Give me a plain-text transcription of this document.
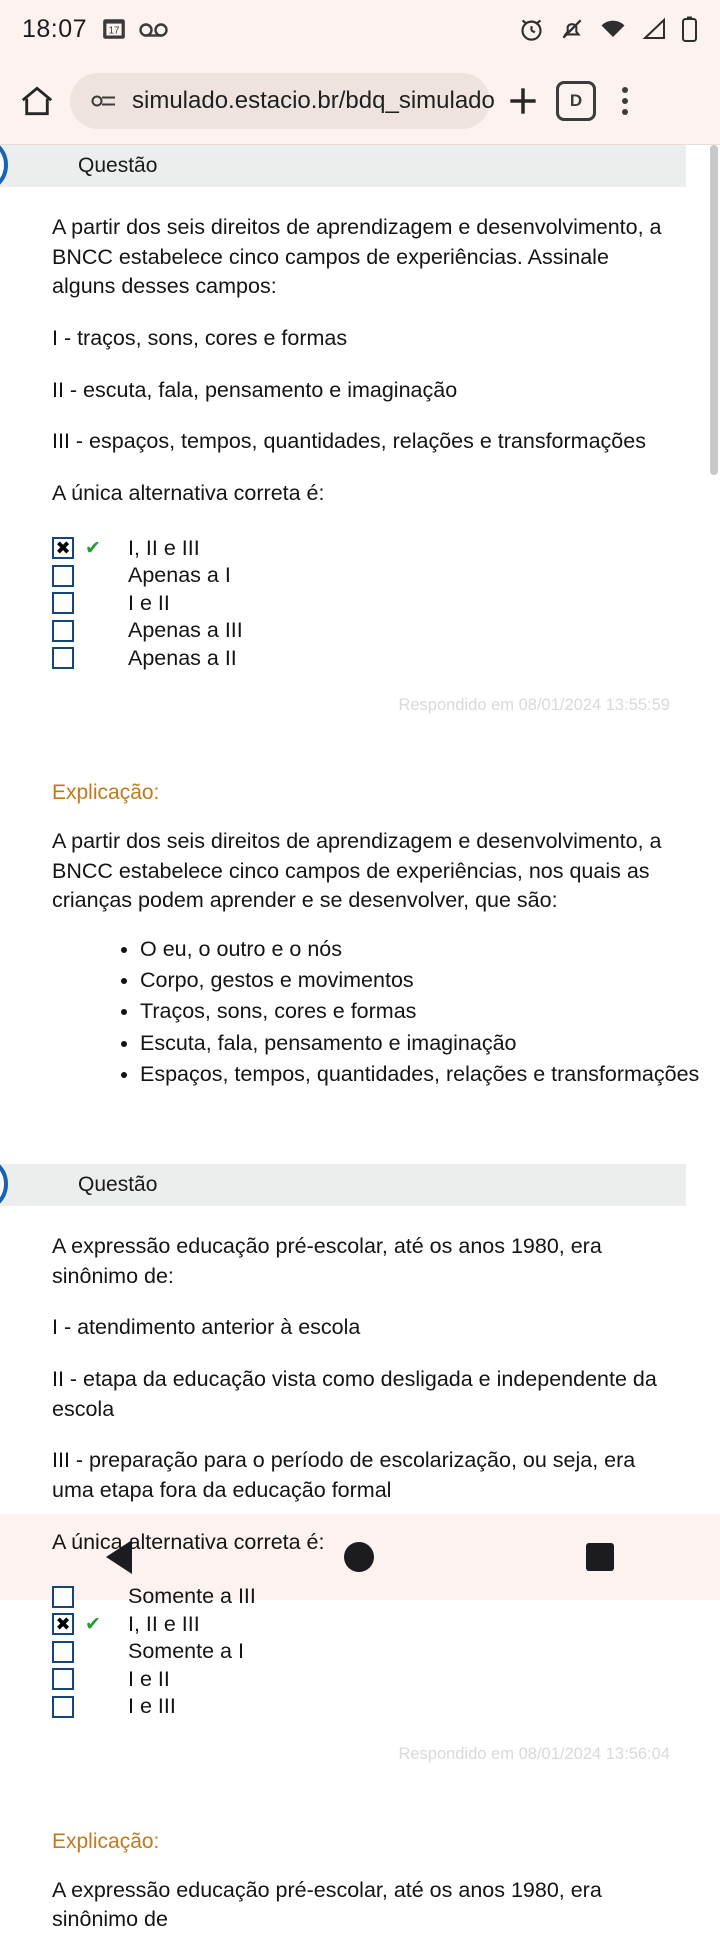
18:07 17
simulado.estacio.br/bdq_simulado	D
Questão

A partir dos seis direitos de aprendizagem e desenvolvimento, a BNCC estabelece cinco campos de experiências. Assinale alguns desses campos:

I - traços, sons, cores e formas

II - escuta, fala, pensamento e imaginação

III - espaços, tempos, quantidades, relações e transformações

A única alternativa correta é:

✖ ✔ I, II e III
Apenas a I
I e II
Apenas a III
Apenas a II
Respondido em 08/01/2024 13:55:59
Explicação:

A partir dos seis direitos de aprendizagem e desenvolvimento, a BNCC estabelece cinco campos de experiências, nos quais as crianças podem aprender e se desenvolver, que são:

• O eu, o outro e o nós
• Corpo, gestos e movimentos
• Traços, sons, cores e formas
• Escuta, fala, pensamento e imaginação
• Espaços, tempos, quantidades, relações e transformações
Questão

A expressão educação pré-escolar, até os anos 1980, era sinônimo de:

I - atendimento anterior à escola

II - etapa da educação vista como desligada e independente da escola

III - preparação para o período de escolarização, ou seja, era uma etapa fora da educação formal

A única alternativa correta é:

Somente a III
✖ ✔ I, II e III
Somente a I
I e II
I e III
Respondido em 08/01/2024 13:56:04
Explicação:

A expressão educação pré-escolar, até os anos 1980, era sinônimo de
